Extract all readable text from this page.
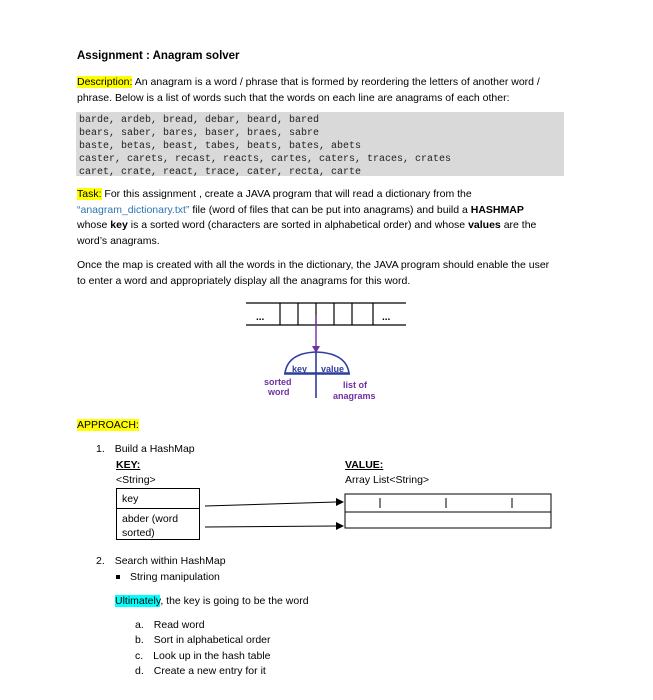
Assignment : Anagram solver
Description: An anagram is a word / phrase that is formed by reordering the letters of another word /
phrase. Below is a list of words such that the words on each line are anagrams of each other:
barde, ardeb, bread, debar, beard, bared
bears, saber, bares, baser, braes, sabre
baste, betas, beast, tabes, beats, bates, abets
caster, carets, recast, reacts, cartes, caters, traces, crates
caret, crate, react, trace, cater, recta, carte
Task: For this assignment , create a JAVA program that will read a dictionary from the
“anagram_dictionary.txt” file (word of files that can be put into anagrams) and build a HASHMAP
whose key is a sorted word (characters are sorted in alphabetical order) and whose values are the
word’s anagrams.
Once the map is created with all the words in the dictionary, the JAVA program should enable the user
to enter a word and appropriately display all the anagrams for this word.
...	...
key value
sorted
word
list of
anagrams
APPROACH:
1. Build a HashMap
KEY:
<String>
key
abder (word
sorted)
VALUE:
Array List<String>
2. Search within HashMap
String manipulation
Ultimately, the key is going to be the word
a. Read word
b. Sort in alphabetical order
c. Look up in the hash table
d. Create a new entry for it
